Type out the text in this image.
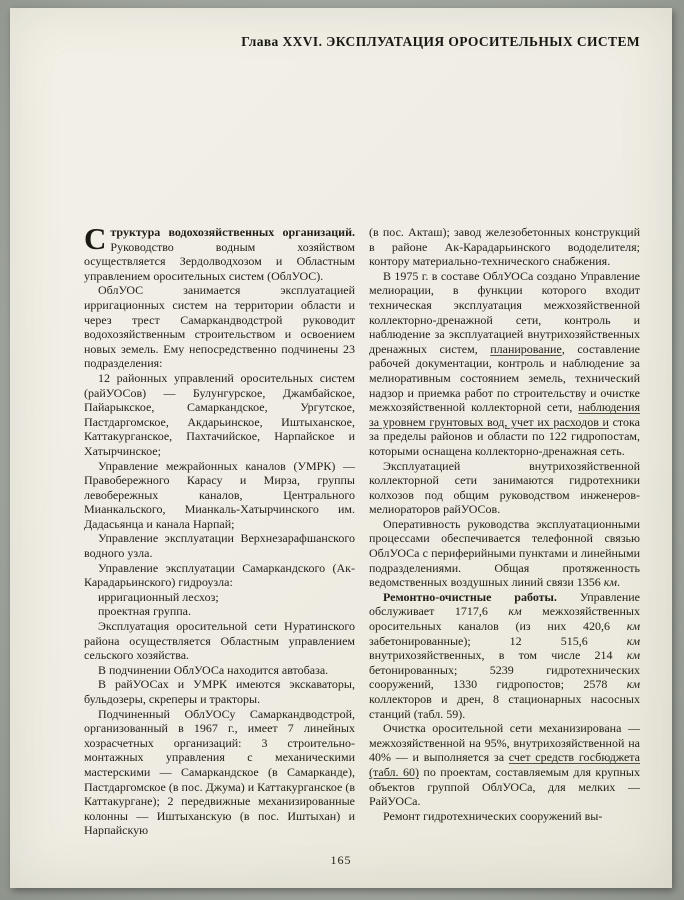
Глава XXVI. ЭКСПЛУАТАЦИЯ ОРОСИТЕЛЬНЫХ СИСТЕМ

Структура водохозяйственных организаций. Руководство водным хозяйством осуществляется Зердолводхозом и Областным управлением оросительных систем (ОблУОС).

ОблУОС занимается эксплуатацией ирригационных систем на территории области и через трест Самаркандводстрой руководит водохозяйственным строительством и освоением новых земель. Ему непосредственно подчинены 23 подразделения:

12 районных управлений оросительных систем (райУОСов) — Булунгурское, Джамбайское, Пайарыкское, Самаркандское, Ургутское, Пастдаргомское, Акдарьинское, Иштыханское, Каттакурганское, Пахтачийское, Нарпайское и Хатырчинское;

Управление межрайонных каналов (УМРК) — Правобережного Карасу и Мирза, группы левобережных каналов, Центрального Мианкальского, Мианкаль-Хатырчинского им. Дадасьянца и канала Нарпай;

Управление эксплуатации Верхнезарафшанского водного узла.

Управление эксплуатации Самаркандского (Ак-Карадарьинского) гидроузла:

ирригационный лесхоз;

проектная группа.

Эксплуатация оросительной сети Нуратинского района осуществляется Областным управлением сельского хозяйства.

В подчинении ОблУОСа находится автобаза.

В райУОСах и УМРК имеются экскаваторы, бульдозеры, скреперы и тракторы.

Подчиненный ОблУОСу Самаркандводстрой, организованный в 1967 г., имеет 7 линейных хозрасчетных организаций: 3 строительно-монтажных управления с механическими мастерскими — Самаркандское (в Самарканде), Пастдаргомское (в пос. Джума) и Каттакурганское (в Каттакургане); 2 передвижные механизированные колонны — Иштыханскую (в пос. Иштыхан) и Нарпайскую

(в пос. Акташ); завод железобетонных конструкций в районе Ак-Карадарьинского вододелителя; контору материально-технического снабжения.

В 1975 г. в составе ОблУОСа создано Управление мелиорации, в функции которого входит техническая эксплуатация межхозяйственной коллекторно-дренажной сети, контроль и наблюдение за эксплуатацией внутрихозяйственных дренажных систем, планирование, составление рабочей документации, контроль и наблюдение за мелиоративным состоянием земель, технический надзор и приемка работ по строительству и очистке межхозяйственной коллекторной сети, наблюдения за уровнем грунтовых вод, учет их расходов и стока за пределы районов и области по 122 гидропостам, которыми оснащена коллекторно-дренажная сеть.

Эксплуатацией внутрихозяйственной коллекторной сети занимаются гидротехники колхозов под общим руководством инженеров-мелиораторов райУОСов.

Оперативность руководства эксплуатационными процессами обеспечивается телефонной связью ОблУОСа с периферийными пунктами и линейными подразделениями. Общая протяженность ведомственных воздушных линий связи 1356 км.

Ремонтно-очистные работы. Управление обслуживает 1717,6 км межхозяйственных оросительных каналов (из них 420,6 км забетонированные); 12 515,6 км внутрихозяйственных, в том числе 214 км бетонированных; 5239 гидротехнических сооружений, 1330 гидропостов; 2578 км коллекторов и дрен, 8 стационарных насосных станций (табл. 59).

Очистка оросительной сети механизирована — межхозяйственной на 95%, внутрихозяйственной на 40% — и выполняется за счет средств госбюджета (табл. 60) по проектам, составляемым для крупных объектов группой ОблУОСа, для мелких — РайУОСа.

Ремонт гидротехнических сооружений вы-

165
